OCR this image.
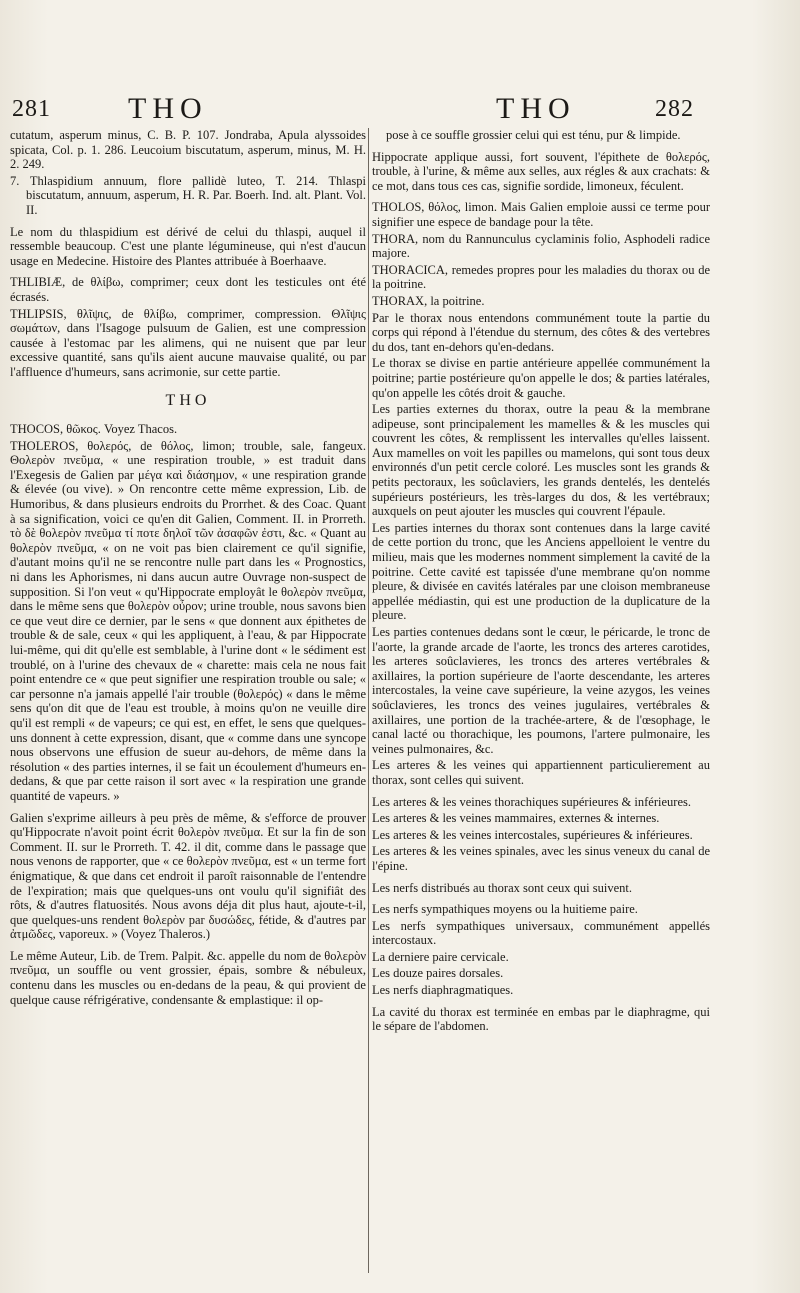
281	THO	THO	282

cutatum, asperum minus, C. B. P. 107. Jondraba, Apula alyssoides spicata, Col. p. 1. 286. Leucoium biscutatum, asperum, minus, M. H. 2. 249.

7. Thlaspidium annuum, flore pallidè luteo, T. 214. Thlaspi biscutatum, annuum, asperum, H. R. Par. Boerh. Ind. alt. Plant. Vol. II.

Le nom du thlaspidium est dérivé de celui du thlaspi, auquel il ressemble beaucoup. C'est une plante légumineuse, qui n'est d'aucun usage en Medecine. Histoire des Plantes attribuée à Boerhaave.

THLIBIÆ, de θλίβω, comprimer; ceux dont les testicules ont été écrasés.

THLIPSIS, θλῖψις, de θλίβω, comprimer, compression. Θλῖψις σωμάτων, dans l'Isagoge pulsuum de Galien, est une compression causée à l'estomac par les alimens, qui ne nuisent que par leur excessive quantité, sans qu'ils aient aucune mauvaise qualité, ou par l'affluence d'humeurs, sans acrimonie, sur cette partie.

THO

THOCOS, θῶκος. Voyez Thacos.

THOLEROS, θολερός, de θόλος, limon; trouble, sale, fangeux. Θολερὸν πνεῦμα, « une respiration trouble, » est traduit dans l'Exegesis de Galien par μέγα καὶ διάσημον, « une respiration grande & élevée (ou vive). » On rencontre cette même expression, Lib. de Humoribus, & dans plusieurs endroits du Prorrhet. & des Coac. Quant à sa signification, voici ce qu'en dit Galien, Comment. II. in Prorreth. τὸ δὲ θολερὸν πνεῦμα τί ποτε δηλοῖ τῶν ἀσαφῶν ἐστι, &c. « Quant au θολερὸν πνεῦμα, « on ne voit pas bien clairement ce qu'il signifie, d'autant moins qu'il ne se rencontre nulle part dans les « Prognostics, ni dans les Aphorismes, ni dans aucun autre Ouvrage non-suspect de supposition. Si l'on veut « qu'Hippocrate employât le θολερὸν πνεῦμα, dans le même sens que θολερὸν οὖρον; urine trouble, nous savons bien ce que veut dire ce dernier, par le sens « que donnent aux épithetes de trouble & de sale, ceux « qui les appliquent, à l'eau, & par Hippocrate lui-même, qui dit qu'elle est semblable, à l'urine dont « le sédiment est troublé, on à l'urine des chevaux de « charette: mais cela ne nous fait point entendre ce « que peut signifier une respiration trouble ou sale; « car personne n'a jamais appellé l'air trouble (θολερός) « dans le même sens qu'on dit que de l'eau est trouble, à moins qu'on ne veuille dire qu'il est rempli « de vapeurs; ce qui est, en effet, le sens que quelques-uns donnent à cette expression, disant, que « comme dans une syncope nous observons une effusion de sueur au-dehors, de même dans la résolution « des parties internes, il se fait un écoulement d'humeurs en-dedans, & que par cette raison il sort avec « la respiration une grande quantité de vapeurs. »

Galien s'exprime ailleurs à peu près de même, & s'efforce de prouver qu'Hippocrate n'avoit point écrit θολερὸν πνεῦμα. Et sur la fin de son Comment. II. sur le Prorreth. T. 42. il dit, comme dans le passage que nous venons de rapporter, que « ce θολερὸν πνεῦμα, est « un terme fort énigmatique, & que dans cet endroit il paroît raisonnable de l'entendre de l'expiration; mais que quelques-uns ont voulu qu'il signifiât des rôts, & d'autres flatuosités. Nous avons déja dit plus haut, ajoute-t-il, que quelques-uns rendent θολερὸν par δυσώδες, fétide, & d'autres par ἀτμῶδες, vaporeux. » (Voyez Thaleros.)

Le même Auteur, Lib. de Trem. Palpit. &c. appelle du nom de θολερὸν πνεῦμα, un souffle ou vent grossier, épais, sombre & nébuleux, contenu dans les muscles ou en-dedans de la peau, & qui provient de quelque cause réfrigérative, condensante & emplastique: il op-

pose à ce souffle grossier celui qui est ténu, pur & limpide.

Hippocrate applique aussi, fort souvent, l'épithete de θολερός, trouble, à l'urine, & même aux selles, aux régles & aux crachats: & ce mot, dans tous ces cas, signifie sordide, limoneux, féculent.

THOLOS, θόλος, limon. Mais Galien emploie aussi ce terme pour signifier une espece de bandage pour la tête.

THORA, nom du Rannunculus cyclaminis folio, Asphodeli radice majore.

THORACICA, remedes propres pour les maladies du thorax ou de la poitrine.

THORAX, la poitrine.

Par le thorax nous entendons communément toute la partie du corps qui répond à l'étendue du sternum, des côtes & des vertebres du dos, tant en-dehors qu'en-dedans.

Le thorax se divise en partie antérieure appellée communément la poitrine; partie postérieure qu'on appelle le dos; & parties latérales, qu'on appelle les côtés droit & gauche.

Les parties externes du thorax, outre la peau & la membrane adipeuse, sont principalement les mamelles & & les muscles qui couvrent les côtes, & remplissent les intervalles qu'elles laissent. Aux mamelles on voit les papilles ou mamelons, qui sont tous deux environnés d'un petit cercle coloré. Les muscles sont les grands & petits pectoraux, les soûclaviers, les grands dentelés, les dentelés supérieurs postérieurs, les très-larges du dos, & les vertébraux; auxquels on peut ajouter les muscles qui couvrent l'épaule.

Les parties internes du thorax sont contenues dans la large cavité de cette portion du tronc, que les Anciens appelloient le ventre du milieu, mais que les modernes nomment simplement la cavité de la poitrine. Cette cavité est tapissée d'une membrane qu'on nomme pleure, & divisée en cavités latérales par une cloison membraneuse appellée médiastin, qui est une production de la duplicature de la pleure.

Les parties contenues dedans sont le cœur, le péricarde, le tronc de l'aorte, la grande arcade de l'aorte, les troncs des arteres carotides, les arteres soûclavieres, les troncs des arteres vertébrales & axillaires, la portion supérieure de l'aorte descendante, les arteres intercostales, la veine cave supérieure, la veine azygos, les veines soûclavieres, les troncs des veines jugulaires, vertébrales & axillaires, une portion de la trachée-artere, & de l'œsophage, le canal lacté ou thorachique, les poumons, l'artere pulmonaire, les veines pulmonaires, &c.

Les arteres & les veines qui appartiennent particulierement au thorax, sont celles qui suivent.

Les arteres & les veines thorachiques supérieures & inférieures.

Les arteres & les veines mammaires, externes & internes.

Les arteres & les veines intercostales, supérieures & inférieures.

Les arteres & les veines spinales, avec les sinus veneux du canal de l'épine.

Les nerfs distribués au thorax sont ceux qui suivent.

Les nerfs sympathiques moyens ou la huitieme paire.

Les nerfs sympathiques universaux, communément appellés intercostaux.

La derniere paire cervicale.

Les douze paires dorsales.

Les nerfs diaphragmatiques.

La cavité du thorax est terminée en embas par le diaphragme, qui le sépare de l'abdomen.
